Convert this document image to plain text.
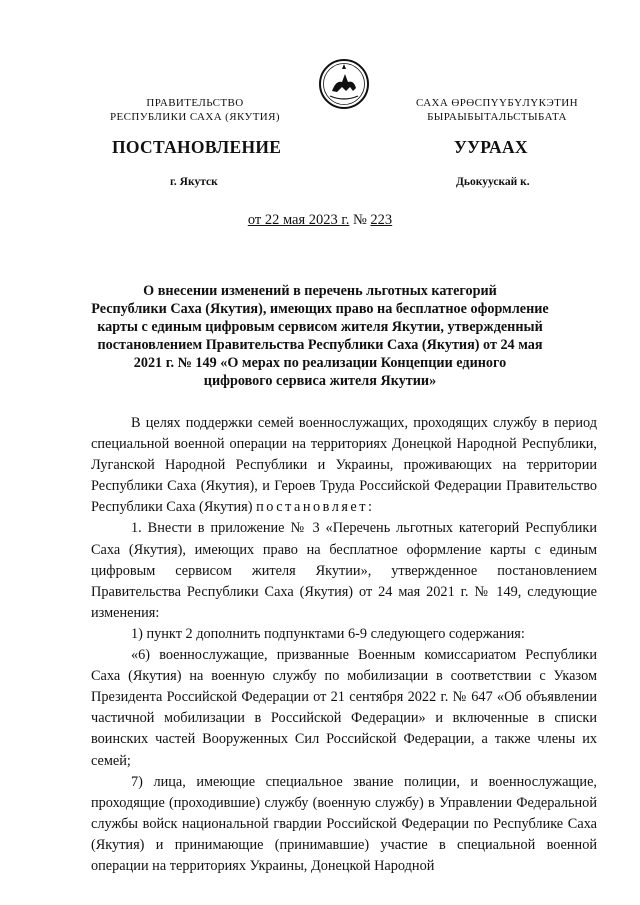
ПРАВИТЕЛЬСТВО
РЕСПУБЛИКИ САХА (ЯКУТИЯ)
САХА ӨРӨСПҮҮБҮЛҮКЭТИН
БЫРАЫБЫТАЛЬСТЫБАТА
ПОСТАНОВЛЕНИЕ	УУРААХ
г. Якутск	Дьокуускай к.
от 22 мая 2023 г. № 223
О внесении изменений в перечень льготных категорий
Республики Саха (Якутия), имеющих право на бесплатное оформление
карты с единым цифровым сервисом жителя Якутии, утвержденный
постановлением Правительства Республики Саха (Якутия) от 24 мая
2021 г. № 149 «О мерах по реализации Концепции единого
цифрового сервиса жителя Якутии»

В целях поддержки семей военнослужащих, проходящих службу в период специальной военной операции на территориях Донецкой Народной Республики, Луганской Народной Республики и Украины, проживающих на территории Республики Саха (Якутия), и Героев Труда Российской Федерации Правительство Республики Саха (Якутия) постановляет:

1. Внести в приложение № 3 «Перечень льготных категорий Республики Саха (Якутия), имеющих право на бесплатное оформление карты с единым цифровым сервисом жителя Якутии», утвержденное постановлением Правительства Республики Саха (Якутия) от 24 мая 2021 г. № 149, следующие изменения:

1) пункт 2 дополнить подпунктами 6-9 следующего содержания:

«6) военнослужащие, призванные Военным комиссариатом Республики Саха (Якутия) на военную службу по мобилизации в соответствии с Указом Президента Российской Федерации от 21 сентября 2022 г. № 647 «Об объявлении частичной мобилизации в Российской Федерации» и включенные в списки воинских частей Вооруженных Сил Российской Федерации, а также члены их семей;

7) лица, имеющие специальное звание полиции, и военнослужащие, проходящие (проходившие) службу (военную службу) в Управлении Федеральной службы войск национальной гвардии Российской Федерации по Республике Саха (Якутия) и принимающие (принимавшие) участие в специальной военной операции на территориях Украины, Донецкой Народной
